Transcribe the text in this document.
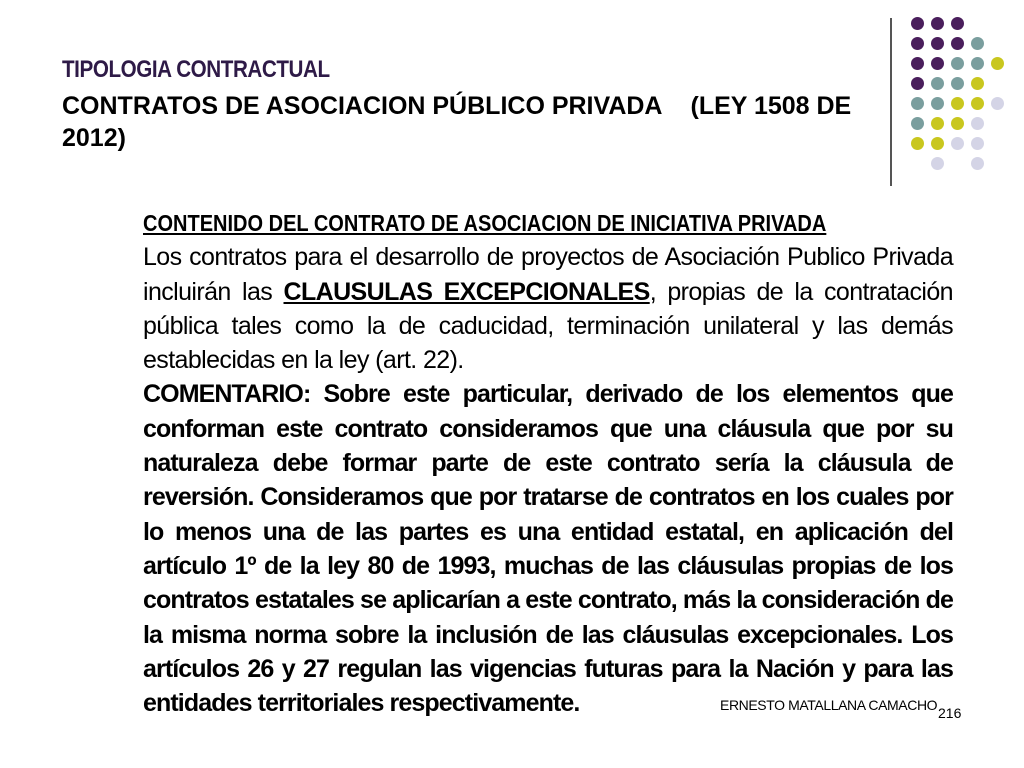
TIPOLOGIA CONTRACTUAL
CONTRATOS DE ASOCIACION PÚBLICO PRIVADA (LEY 1508 DE 2012)

CONTENIDO DEL CONTRATO DE ASOCIACION DE INICIATIVA PRIVADA

Los contratos para el desarrollo de proyectos de Asociación Publico Privada incluirán las CLAUSULAS EXCEPCIONALES, propias de la contratación pública tales como la de caducidad, terminación unilateral y las demás establecidas en la ley (art. 22).

COMENTARIO: Sobre este particular, derivado de los elementos que conforman este contrato consideramos que una cláusula que por su naturaleza debe formar parte de este contrato sería la cláusula de reversión. Consideramos que por tratarse de contratos en los cuales por lo menos una de las partes es una entidad estatal, en aplicación del artículo 1º de la ley 80 de 1993, muchas de las cláusulas propias de los contratos estatales se aplicarían a este contrato, más la consideración de la misma norma sobre la inclusión de las cláusulas excepcionales. Los artículos 26 y 27 regulan las vigencias futuras para la Nación y para las entidades territoriales respectivamente.	ERNESTO MATALLANA CAMACHO 216
